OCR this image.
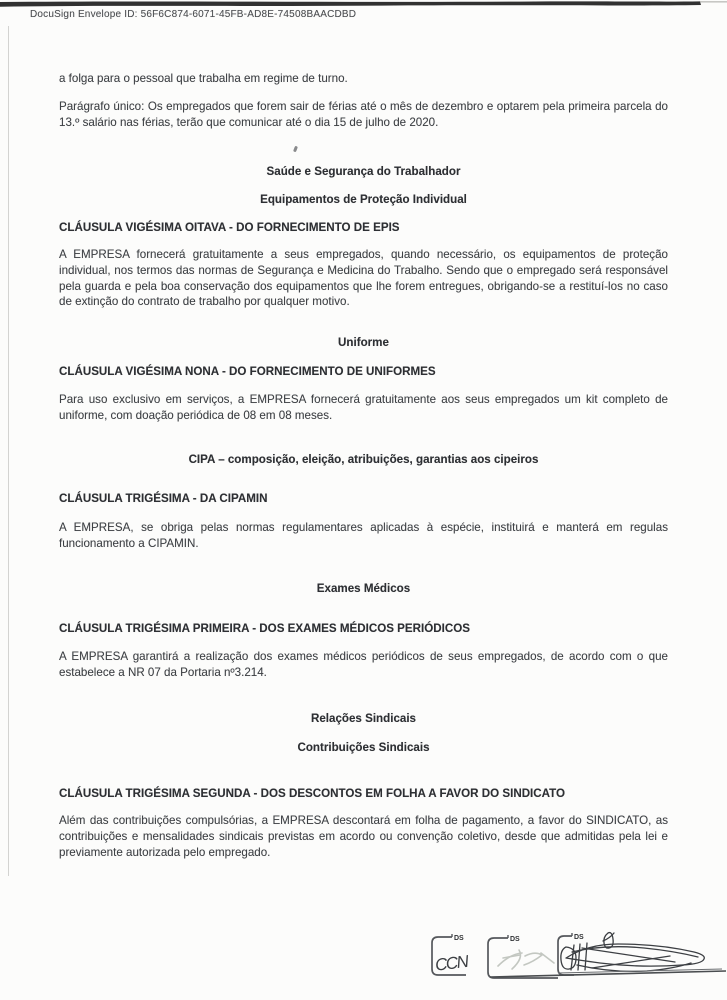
DocuSign Envelope ID: 56F6C874-6071-45FB-AD8E-74508BAACDBD
a folga para o pessoal que trabalha em regime de turno.
Parágrafo único: Os empregados que forem sair de férias até o mês de dezembro e optarem pela primeira parcela do 13.º salário nas férias, terão que comunicar até o dia 15 de julho de 2020.
Saúde e Segurança do Trabalhador
Equipamentos de Proteção Individual
CLÁUSULA VIGÉSIMA OITAVA - DO FORNECIMENTO DE EPIS
A EMPRESA fornecerá gratuitamente a seus empregados, quando necessário, os equipamentos de proteção individual, nos termos das normas de Segurança e Medicina do Trabalho. Sendo que o empregado será responsável pela guarda e pela boa conservação dos equipamentos que lhe forem entregues, obrigando-se a restituí-los no caso de extinção do contrato de trabalho por qualquer motivo.
Uniforme
CLÁUSULA VIGÉSIMA NONA - DO FORNECIMENTO DE UNIFORMES
Para uso exclusivo em serviços, a EMPRESA fornecerá gratuitamente aos seus empregados um kit completo de uniforme, com doação periódica de 08 em 08 meses.
CIPA – composição, eleição, atribuições, garantias aos cipeiros
CLÁUSULA TRIGÉSIMA - DA CIPAMIN
A EMPRESA, se obriga pelas normas regulamentares aplicadas à espécie, instituirá e manterá em regulas funcionamento a CIPAMIN.
Exames Médicos
CLÁUSULA TRIGÉSIMA PRIMEIRA - DOS EXAMES MÉDICOS PERIÓDICOS
A EMPRESA garantirá a realização dos exames médicos periódicos de seus empregados, de acordo com o que estabelece a NR 07 da Portaria nº3.214.
Relações Sindicais
Contribuições Sindicais
CLÁUSULA TRIGÉSIMA SEGUNDA - DOS DESCONTOS EM FOLHA A FAVOR DO SINDICATO
Além das contribuições compulsórias, a EMPRESA descontará em folha de pagamento, a favor do SINDICATO, as contribuições e mensalidades sindicais previstas em acordo ou convenção coletivo, desde que admitidas pela lei e previamente autorizada pelo empregado.
DS
CCN
DS	DS
